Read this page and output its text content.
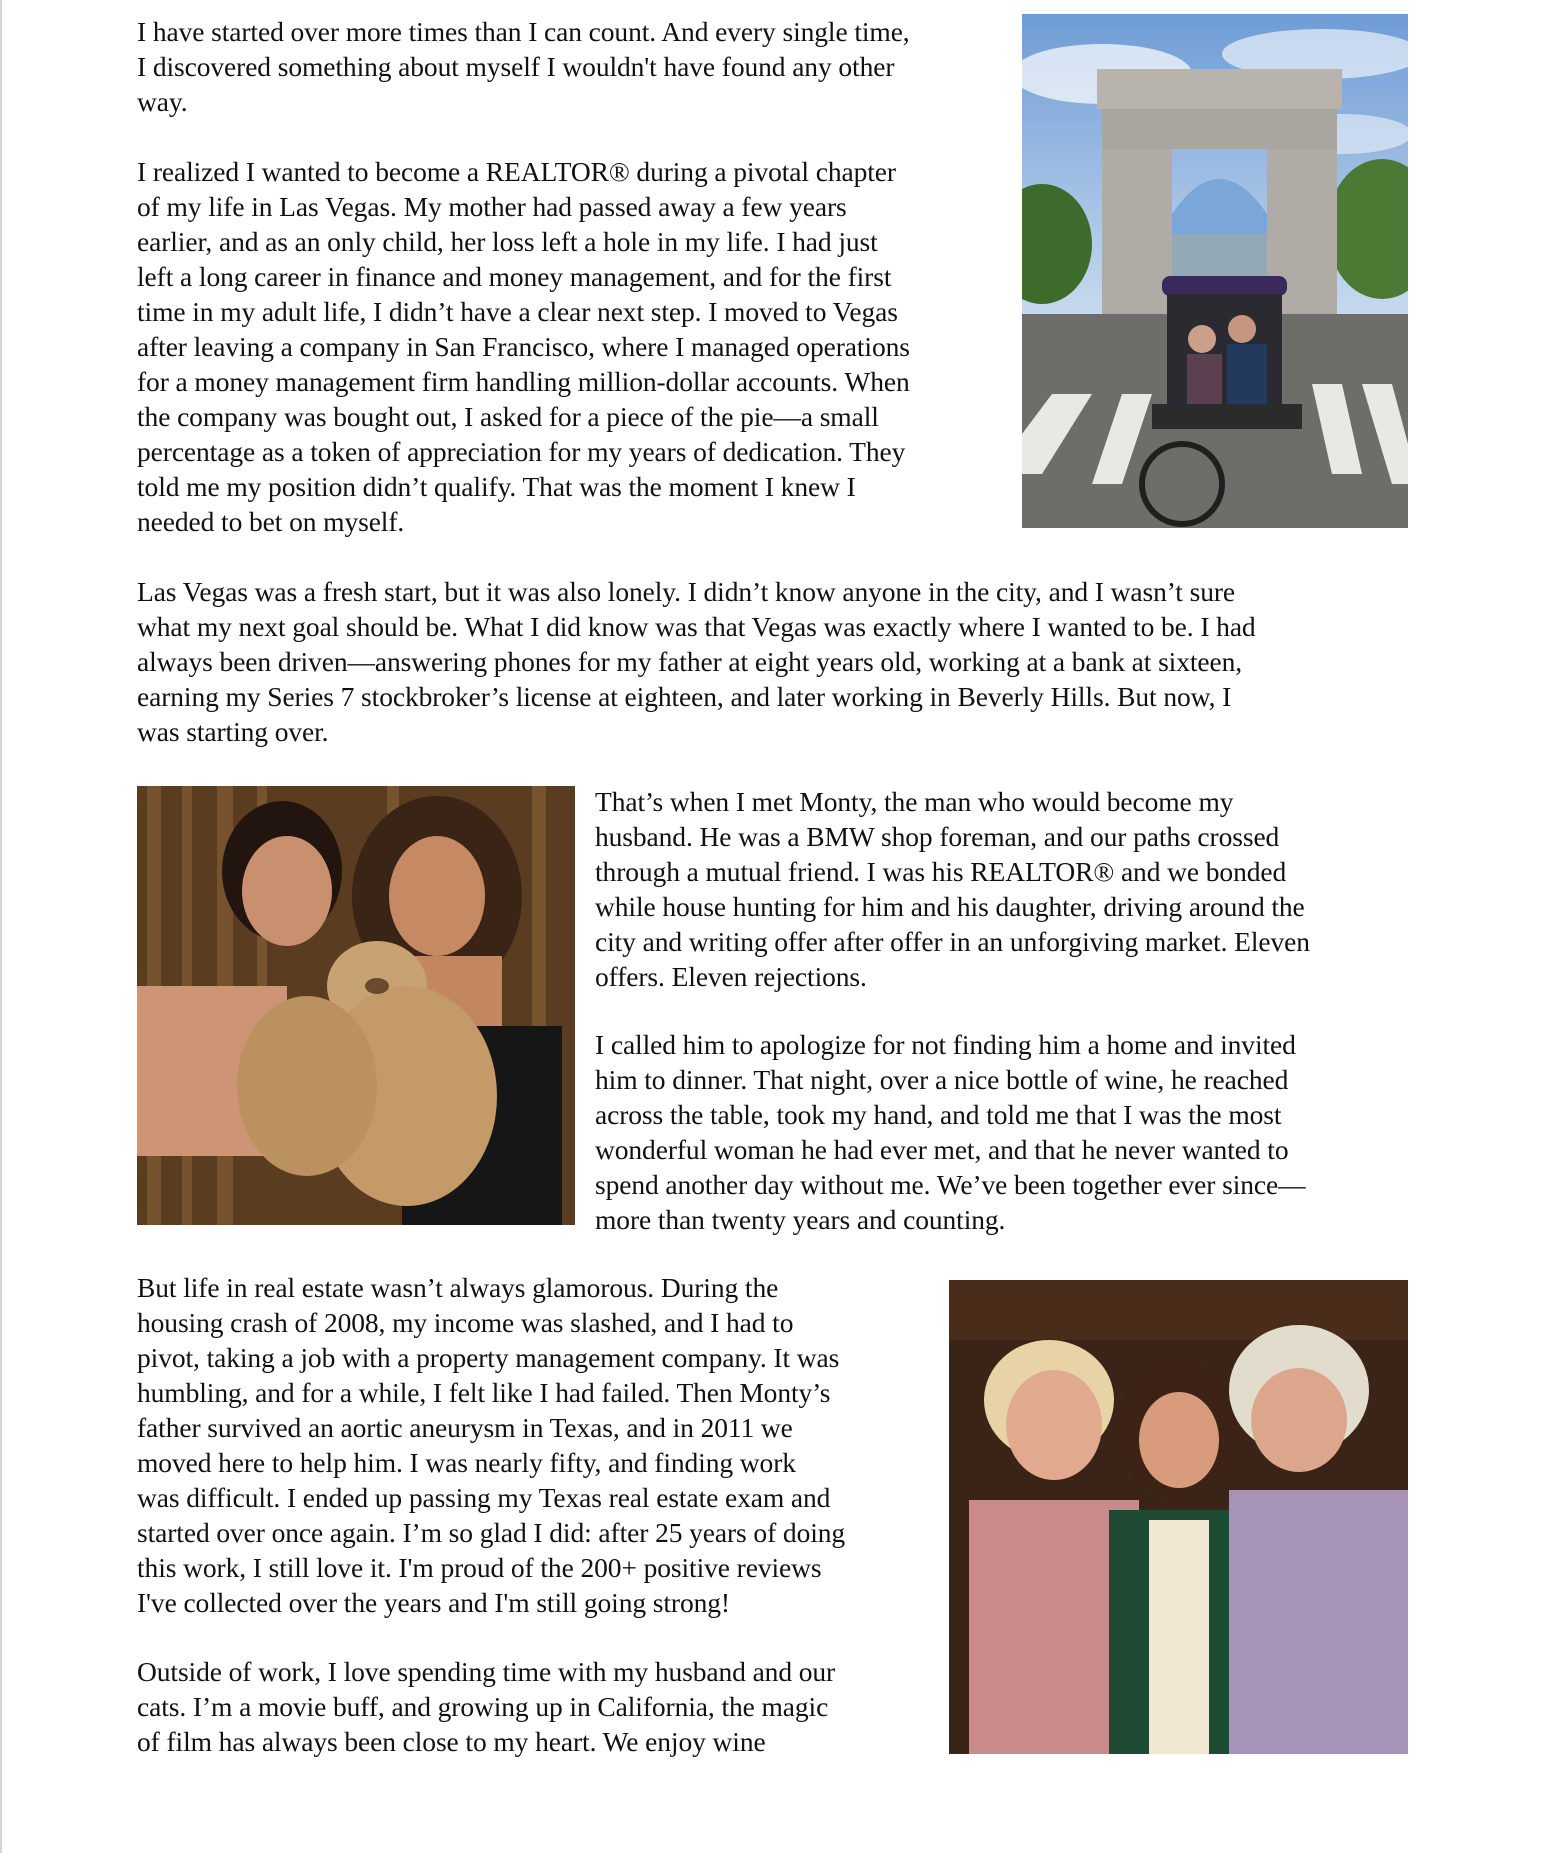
I have started over more times than I can count. And every single time,
I discovered something about myself I wouldn't have found any other
way.
I realized I wanted to become a REALTOR® during a pivotal chapter
of my life in Las Vegas. My mother had passed away a few years
earlier, and as an only child, her loss left a hole in my life. I had just
left a long career in finance and money management, and for the first
time in my adult life, I didn’t have a clear next step. I moved to Vegas
after leaving a company in San Francisco, where I managed operations
for a money management firm handling million-dollar accounts. When
the company was bought out, I asked for a piece of the pie—a small
percentage as a token of appreciation for my years of dedication. They
told me my position didn’t qualify. That was the moment I knew I
needed to bet on myself.
Las Vegas was a fresh start, but it was also lonely. I didn’t know anyone in the city, and I wasn’t sure
what my next goal should be. What I did know was that Vegas was exactly where I wanted to be. I had
always been driven—answering phones for my father at eight years old, working at a bank at sixteen,
earning my Series 7 stockbroker’s license at eighteen, and later working in Beverly Hills. But now, I
was starting over.
That’s when I met Monty, the man who would become my
husband. He was a BMW shop foreman, and our paths crossed
through a mutual friend. I was his REALTOR® and we bonded
while house hunting for him and his daughter, driving around the
city and writing offer after offer in an unforgiving market. Eleven
offers. Eleven rejections.
I called him to apologize for not finding him a home and invited
him to dinner. That night, over a nice bottle of wine, he reached
across the table, took my hand, and told me that I was the most
wonderful woman he had ever met, and that he never wanted to
spend another day without me. We’ve been together ever since—
more than twenty years and counting.
But life in real estate wasn’t always glamorous. During the
housing crash of 2008, my income was slashed, and I had to
pivot, taking a job with a property management company. It was
humbling, and for a while, I felt like I had failed. Then Monty’s
father survived an aortic aneurysm in Texas, and in 2011 we
moved here to help him. I was nearly fifty, and finding work
was difficult. I ended up passing my Texas real estate exam and
started over once again. I’m so glad I did: after 25 years of doing
this work, I still love it. I'm proud of the 200+ positive reviews
I've collected over the years and I'm still going strong!
Outside of work, I love spending time with my husband and our
cats. I’m a movie buff, and growing up in California, the magic
of film has always been close to my heart. We enjoy wine
